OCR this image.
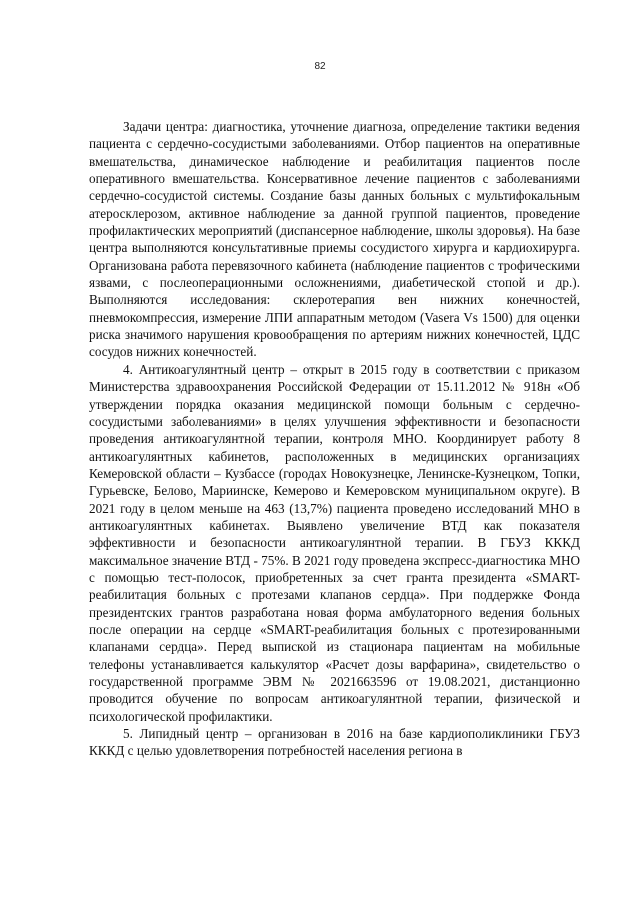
82

Задачи центра: диагностика, уточнение диагноза, определение тактики ведения пациента с сердечно-сосудистыми заболеваниями. Отбор пациентов на оперативные вмешательства, динамическое наблюдение и реабилитация пациентов после оперативного вмешательства. Консервативное лечение пациентов с заболеваниями сердечно-сосудистой системы. Создание базы данных больных с мультифокальным атеросклерозом, активное наблюдение за данной группой пациентов, проведение профилактических мероприятий (диспансерное наблюдение, школы здоровья). На базе центра выполняются консультативные приемы сосудистого хирурга и кардиохирурга. Организована работа перевязочного кабинета (наблюдение пациентов с трофическими язвами, с послеоперационными осложнениями, диабетической стопой и др.). Выполняются исследования: склеротерапия вен нижних конечностей, пневмокомпрессия, измерение ЛПИ аппаратным методом (Vasera Vs 1500) для оценки риска значимого нарушения кровообращения по артериям нижних конечностей, ЦДС сосудов нижних конечностей.

4. Антикоагулянтный центр – открыт в 2015 году в соответствии с приказом Министерства здравоохранения Российской Федерации от 15.11.2012 № 918н «Об утверждении порядка оказания медицинской помощи больным с сердечно-сосудистыми заболеваниями» в целях улучшения эффективности и безопасности проведения антикоагулянтной терапии, контроля МНО. Координирует работу 8 антикоагулянтных кабинетов, расположенных в медицинских организациях Кемеровской области – Кузбассе (городах Новокузнецке, Ленинске-Кузнецком, Топки, Гурьевске, Белово, Мариинске, Кемерово и Кемеровском муниципальном округе). В 2021 году в целом меньше на 463 (13,7%) пациента проведено исследований МНО в антикоагулянтных кабинетах. Выявлено увеличение ВТД как показателя эффективности и безопасности антикоагулянтной терапии. В ГБУЗ КККД максимальное значение ВТД - 75%. В 2021 году проведена экспресс-диагностика МНО с помощью тест-полосок, приобретенных за счет гранта президента «SMART-реабилитация больных с протезами клапанов сердца». При поддержке Фонда президентских грантов разработана новая форма амбулаторного ведения больных после операции на сердце «SMART-реабилитация больных с протезированными клапанами сердца». Перед выпиской из стационара пациентам на мобильные телефоны устанавливается калькулятор «Расчет дозы варфарина», свидетельство о государственной программе ЭВМ № 2021663596 от 19.08.2021, дистанционно проводится обучение по вопросам антикоагулянтной терапии, физической и психологической профилактики.

5. Липидный центр – организован в 2016 на базе кардиополиклиники ГБУЗ КККД с целью удовлетворения потребностей населения региона в
